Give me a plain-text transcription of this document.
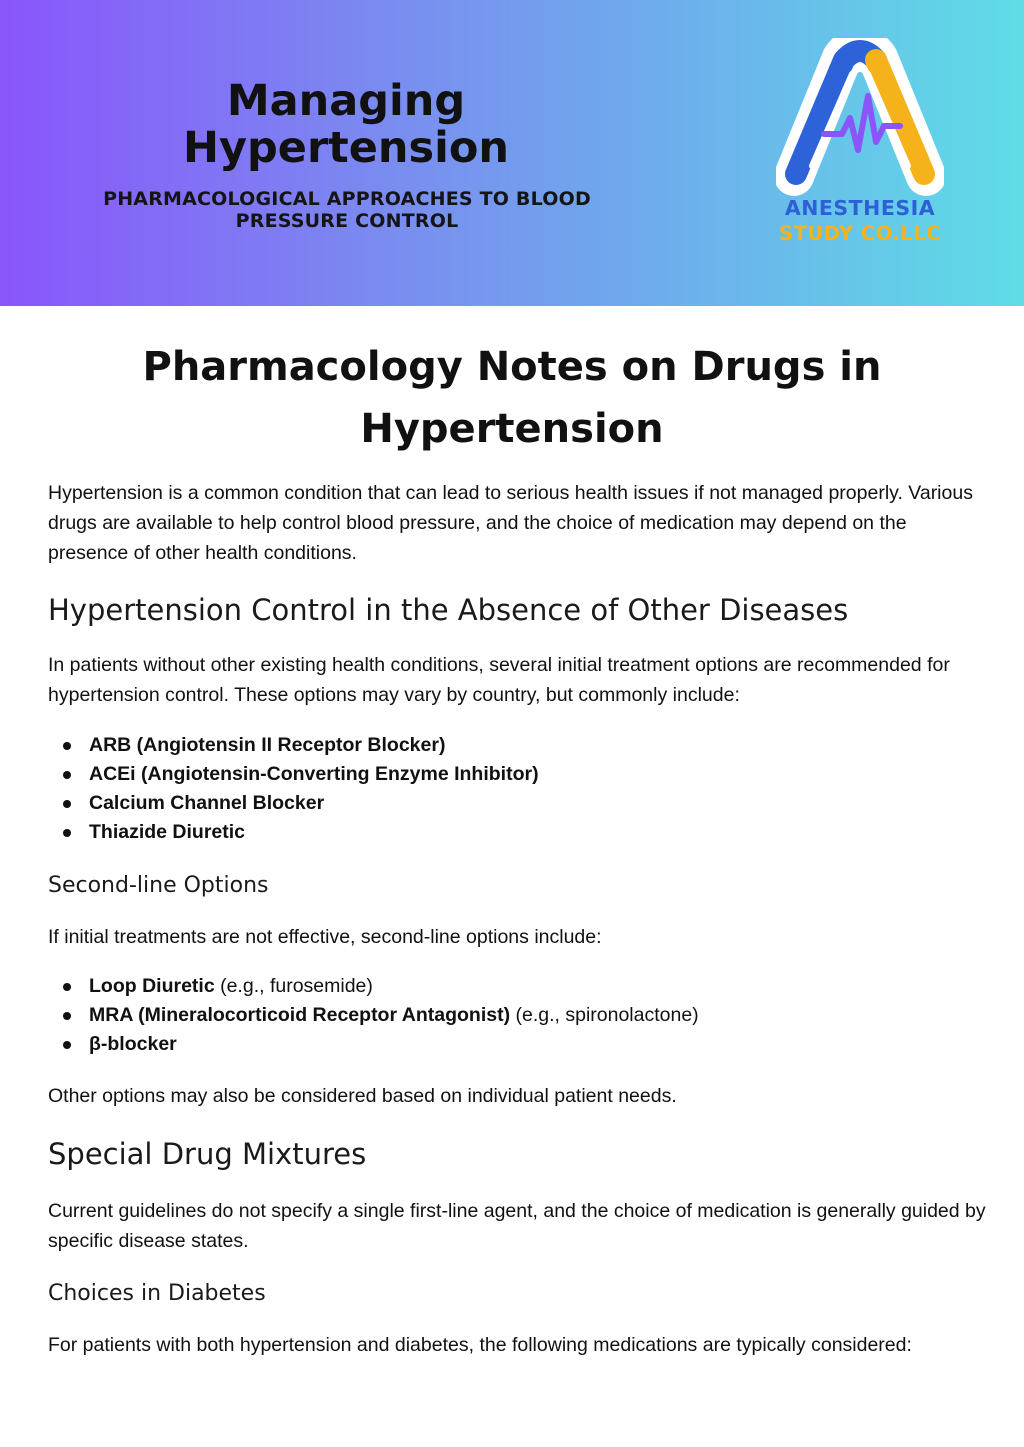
Managing Hypertension

PHARMACOLOGICAL APPROACHES TO BLOOD PRESSURE CONTROL

ANESTHESIA
STUDY CO.LLC
Pharmacology Notes on Drugs in Hypertension

Hypertension is a common condition that can lead to serious health issues if not managed properly. Various drugs are available to help control blood pressure, and the choice of medication may depend on the presence of other health conditions.

Hypertension Control in the Absence of Other Diseases

In patients without other existing health conditions, several initial treatment options are recommended for hypertension control. These options may vary by country, but commonly include:

ARB (Angiotensin II Receptor Blocker)
ACEi (Angiotensin-Converting Enzyme Inhibitor)
Calcium Channel Blocker
Thiazide Diuretic
Second-line Options

If initial treatments are not effective, second-line options include:

Loop Diuretic (e.g., furosemide)
MRA (Mineralocorticoid Receptor Antagonist) (e.g., spironolactone)
β-blocker

Other options may also be considered based on individual patient needs.

Special Drug Mixtures

Current guidelines do not specify a single first-line agent, and the choice of medication is generally guided by specific disease states.

Choices in Diabetes

For patients with both hypertension and diabetes, the following medications are typically considered:
